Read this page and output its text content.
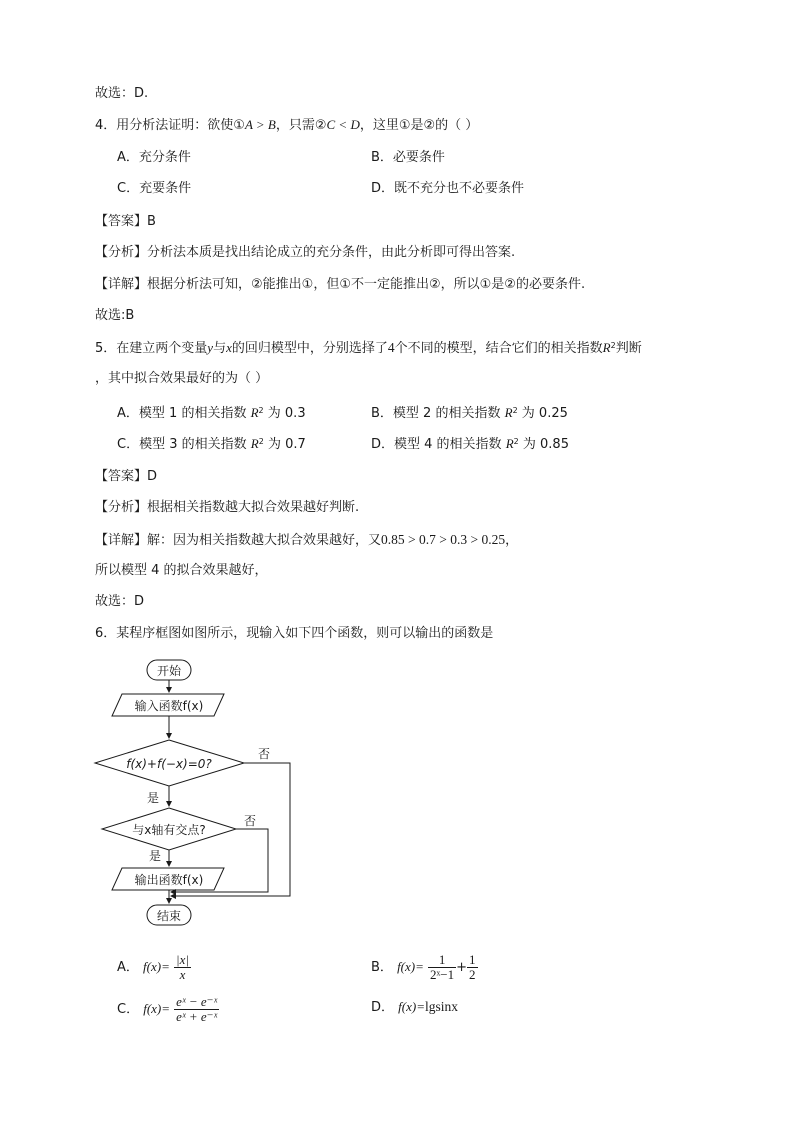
故选：D.
4．用分析法证明：欲使①A > B，只需②C < D，这里①是②的（ ）
A．充分条件	B．必要条件
C．充要条件	D．既不充分也不必要条件
【答案】B
【分析】分析法本质是找出结论成立的充分条件，由此分析即可得出答案.
【详解】根据分析法可知，②能推出①，但①不一定能推出②，所以①是②的必要条件.
故选:B
5．在建立两个变量y与x的回归模型中，分别选择了4个不同的模型，结合它们的相关指数$R^2$判断
，其中拟合效果最好的为（ ）
A．模型 1 的相关指数 $R^2$ 为 0.3	B．模型 2 的相关指数 $R^2$ 为 0.25
C．模型 3 的相关指数 $R^2$ 为 0.7	D．模型 4 的相关指数 $R^2$ 为 0.85
【答案】D
【分析】根据相关指数越大拟合效果越好判断.
【详解】解：因为相关指数越大拟合效果越好，又0.85 > 0.7 > 0.3 > 0.25，
所以模型 4 的拟合效果越好，
故选：D
6．某程序框图如图所示，现输入如下四个函数，则可以输出的函数是
开始
输入函数f(x)
f(x)+f(−x)=0?
与x轴有交点?
输出函数f(x)
结束
是
是
否
否
A． $f(x)= \frac{|x|}{x}$	B． $f(x)= \frac{1}{\text{2ˣ−1}} + \frac{1}{2}$
C． $f(x)= \frac{\text{eˣ − e⁻ˣ}}{\text{eˣ + e⁻ˣ}}$	D． f(x)=lgsinx
